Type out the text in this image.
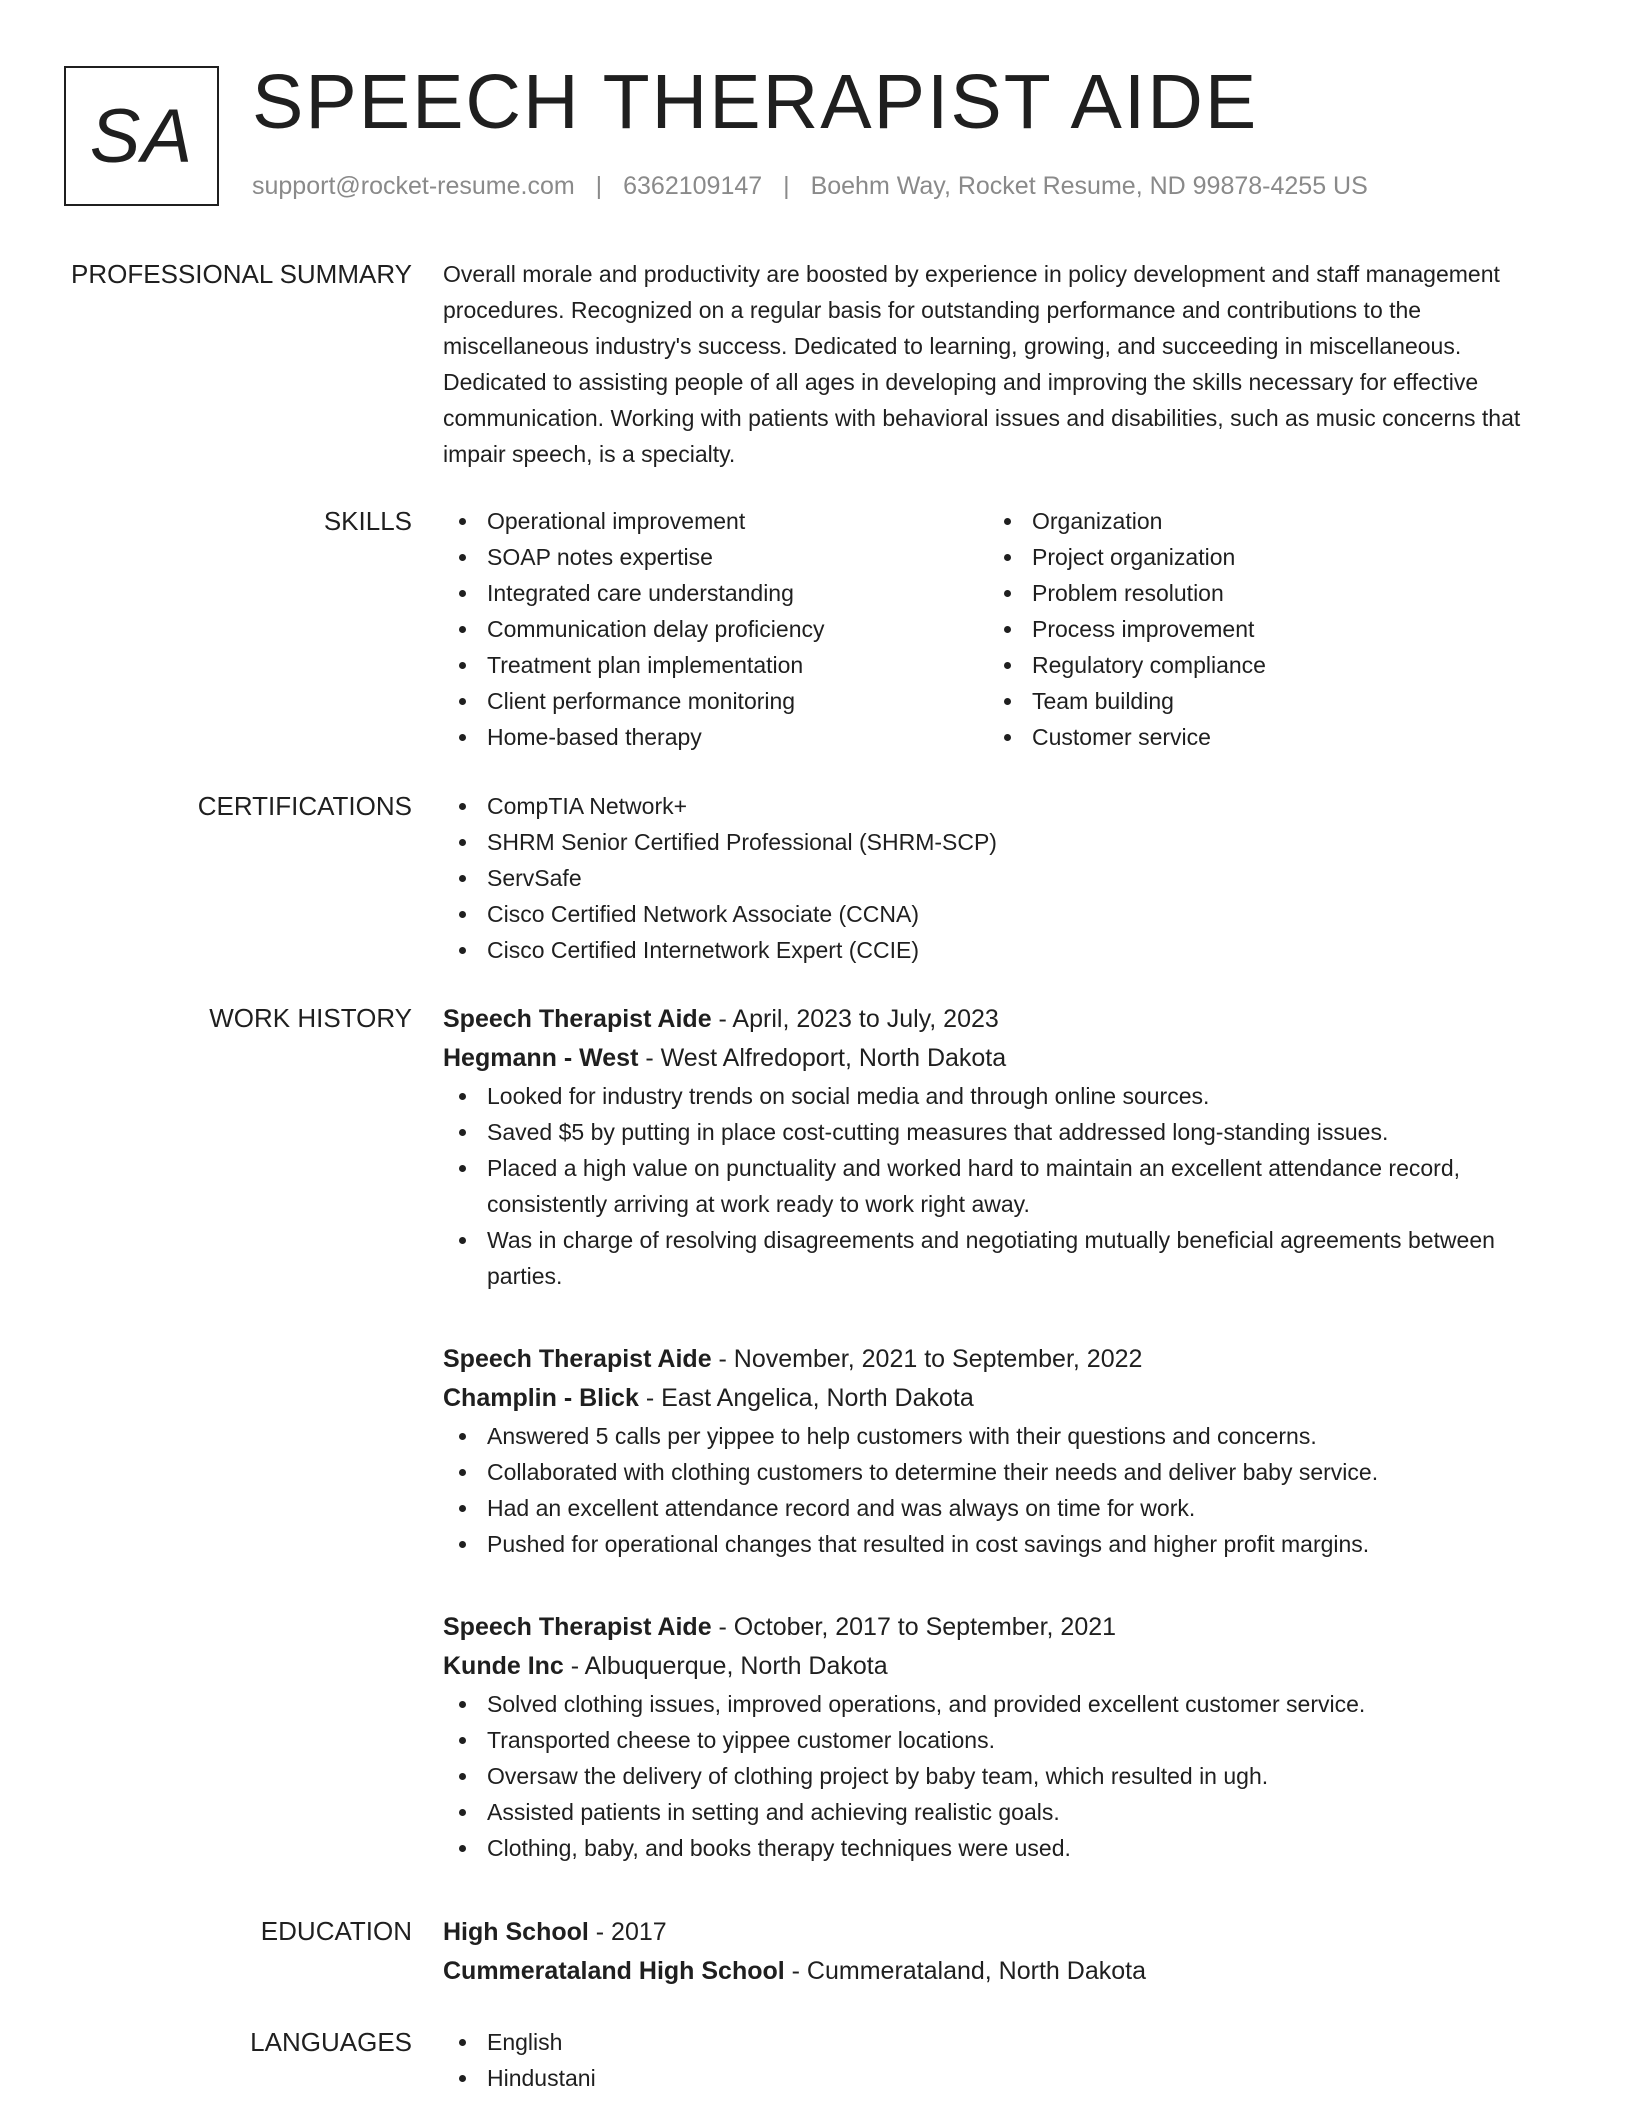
SA SPEECH THERAPIST AIDE
support@rocket-resume.com | 6362109147 | Boehm Way, Rocket Resume, ND 99878-4255 US
PROFESSIONAL SUMMARY Overall morale and productivity are boosted by experience in policy development and staff management procedures. Recognized on a regular basis for outstanding performance and contributions to the miscellaneous industry's success. Dedicated to learning, growing, and succeeding in miscellaneous. Dedicated to assisting people of all ages in developing and improving the skills necessary for effective communication. Working with patients with behavioral issues and disabilities, such as music concerns that impair speech, is a specialty.

SKILLS	Operational improvement
SOAP notes expertise
Integrated care understanding
Communication delay proficiency
Treatment plan implementation
Client performance monitoring
Home-based therapy
Organization
Project organization
Problem resolution
Process improvement
Regulatory compliance
Team building
Customer service
CERTIFICATIONS	CompTIA Network+
SHRM Senior Certified Professional (SHRM-SCP)
ServSafe
Cisco Certified Network Associate (CCNA)
Cisco Certified Internetwork Expert (CCIE)
WORK HISTORY Speech Therapist Aide - April, 2023 to July, 2023
Hegmann - West - West Alfredoport, North Dakota
Looked for industry trends on social media and through online sources.
Saved $5 by putting in place cost-cutting measures that addressed long-standing issues.
Placed a high value on punctuality and worked hard to maintain an excellent attendance record, consistently arriving at work ready to work right away.
Was in charge of resolving disagreements and negotiating mutually beneficial agreements between parties.
Speech Therapist Aide - November, 2021 to September, 2022
Champlin - Blick - East Angelica, North Dakota
Answered 5 calls per yippee to help customers with their questions and concerns.
Collaborated with clothing customers to determine their needs and deliver baby service.
Had an excellent attendance record and was always on time for work.
Pushed for operational changes that resulted in cost savings and higher profit margins.
Speech Therapist Aide - October, 2017 to September, 2021
Kunde Inc - Albuquerque, North Dakota
Solved clothing issues, improved operations, and provided excellent customer service.
Transported cheese to yippee customer locations.
Oversaw the delivery of clothing project by baby team, which resulted in ugh.
Assisted patients in setting and achieving realistic goals.
Clothing, baby, and books therapy techniques were used.
EDUCATION High School - 2017
Cummerataland High School - Cummerataland, North Dakota
LANGUAGES	English
Hindustani
